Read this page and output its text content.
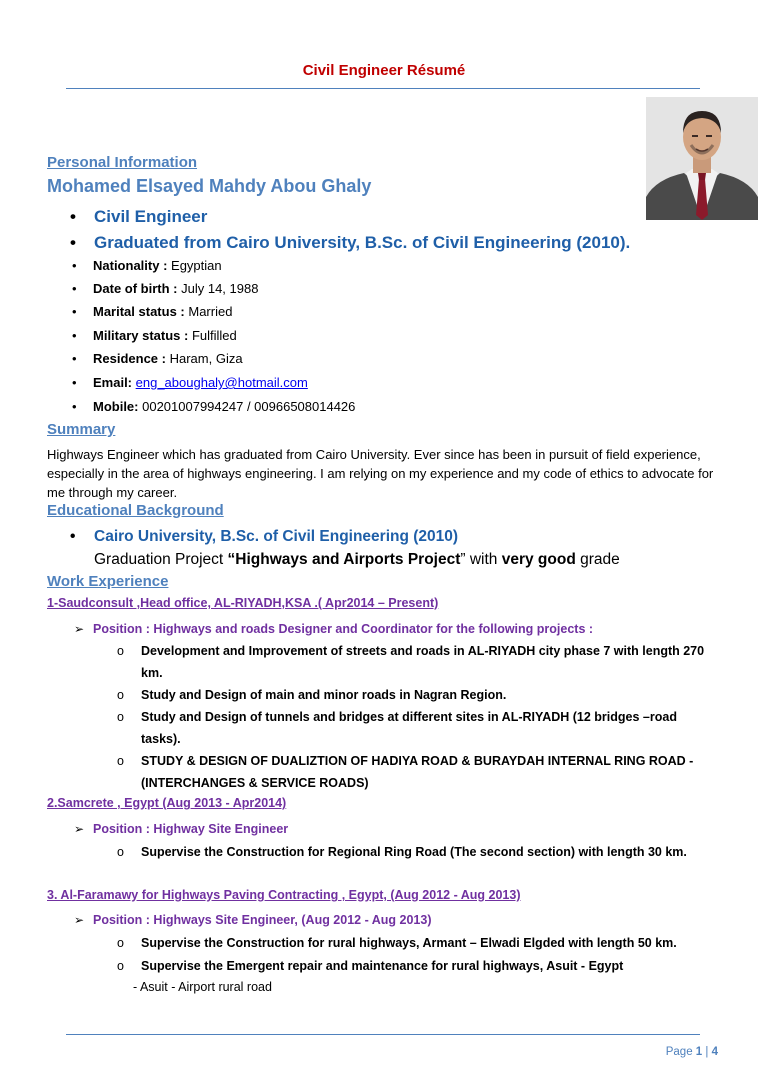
Civil Engineer Résumé
Personal Information
Mohamed Elsayed Mahdy Abou Ghaly
• Civil Engineer
• Graduated from Cairo University, B.Sc. of Civil Engineering (2010).
• Nationality : Egyptian
• Date of birth : July 14, 1988
• Marital status : Married
• Military status : Fulfilled
• Residence : Haram, Giza
• Email: eng_aboughaly@hotmail.com
• Mobile: 00201007994247 / 00966508014426
Summary
Highways Engineer which has graduated from Cairo University. Ever since has been in pursuit of field experience, especially in the area of highways engineering. I am relying on my experience and my code of ethics to advocate for me through my career.
Educational Background
• Cairo University, B.Sc. of Civil Engineering (2010)
Graduation Project “Highways and Airports Project” with very good grade
Work Experience
1-Saudconsult ,Head office, AL-RIYADH,KSA .( Apr2014 – Present)
➢ Position : Highways and roads Designer and Coordinator for the following projects :
o Development and Improvement of streets and roads in AL-RIYADH city phase 7 with length 270 km.
o Study and Design of main and minor roads in Nagran Region.
o Study and Design of tunnels and bridges at different sites in AL-RIYADH (12 bridges –road tasks).
o STUDY & DESIGN OF DUALIZTION OF HADIYA ROAD & BURAYDAH INTERNAL RING ROAD - (INTERCHANGES & SERVICE ROADS)
2.Samcrete , Egypt (Aug 2013 - Apr2014)
➢ Position : Highway Site Engineer
o Supervise the Construction for Regional Ring Road (The second section) with length 30 km.
3. Al-Faramawy for Highways Paving Contracting , Egypt, (Aug 2012 - Aug 2013)
➢ Position : Highways Site Engineer, (Aug 2012 - Aug 2013)
o Supervise the Construction for rural highways, Armant – Elwadi Elgded with length 50 km.
o Supervise the Emergent repair and maintenance for rural highways, Asuit - Egypt
- Asuit - Airport rural road
Page 1 | 4
